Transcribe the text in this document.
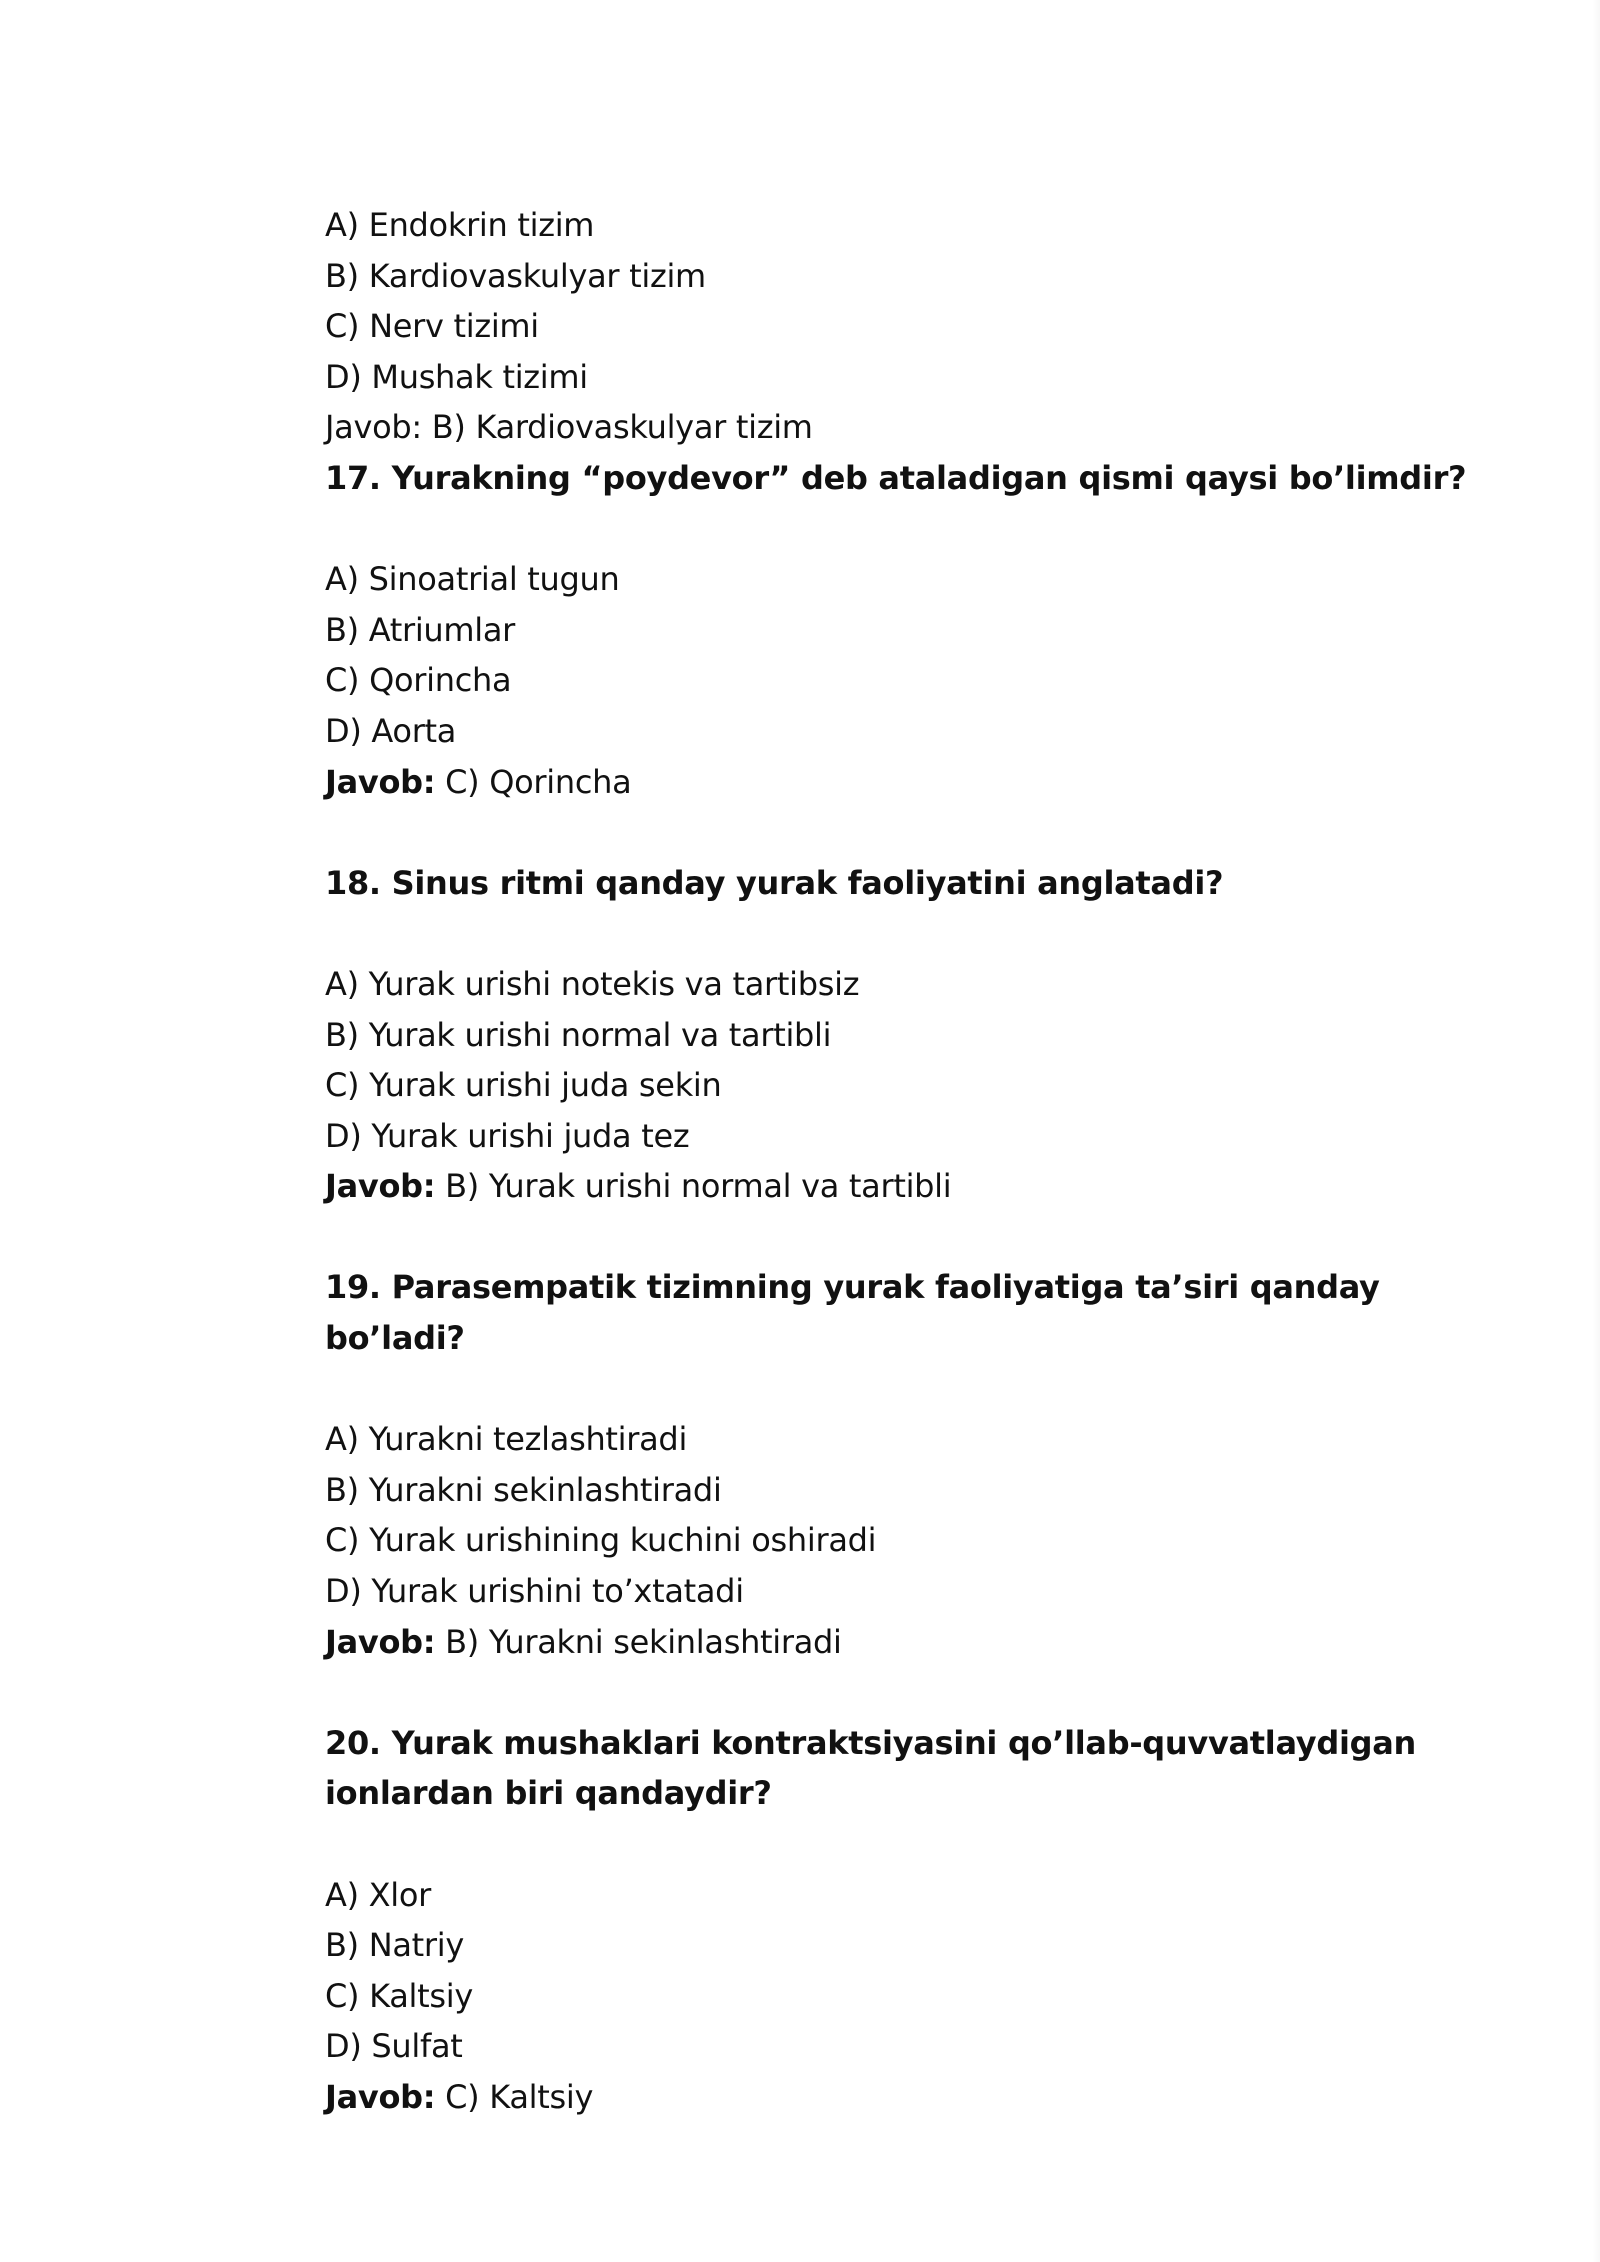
A) Endokrin tizim
B) Kardiovaskulyar tizim
C) Nerv tizimi
D) Mushak tizimi
Javob: B) Kardiovaskulyar tizim
17. Yurakning “poydevor” deb ataladigan qismi qaysi bo’limdir?
A) Sinoatrial tugun
B) Atriumlar
C) Qorincha
D) Aorta
Javob: C) Qorincha
18. Sinus ritmi qanday yurak faoliyatini anglatadi?
A) Yurak urishi notekis va tartibsiz
B) Yurak urishi normal va tartibli
C) Yurak urishi juda sekin
D) Yurak urishi juda tez
Javob: B) Yurak urishi normal va tartibli
19. Parasempatik tizimning yurak faoliyatiga ta’siri qanday bo’ladi?
A) Yurakni tezlashtiradi
B) Yurakni sekinlashtiradi
C) Yurak urishining kuchini oshiradi
D) Yurak urishini to’xtatadi
Javob: B) Yurakni sekinlashtiradi
20. Yurak mushaklari kontraktsiyasini qo’llab-quvvatlaydigan ionlardan biri qandaydir?
A) Xlor
B) Natriy
C) Kaltsiy
D) Sulfat
Javob: C) Kaltsiy
